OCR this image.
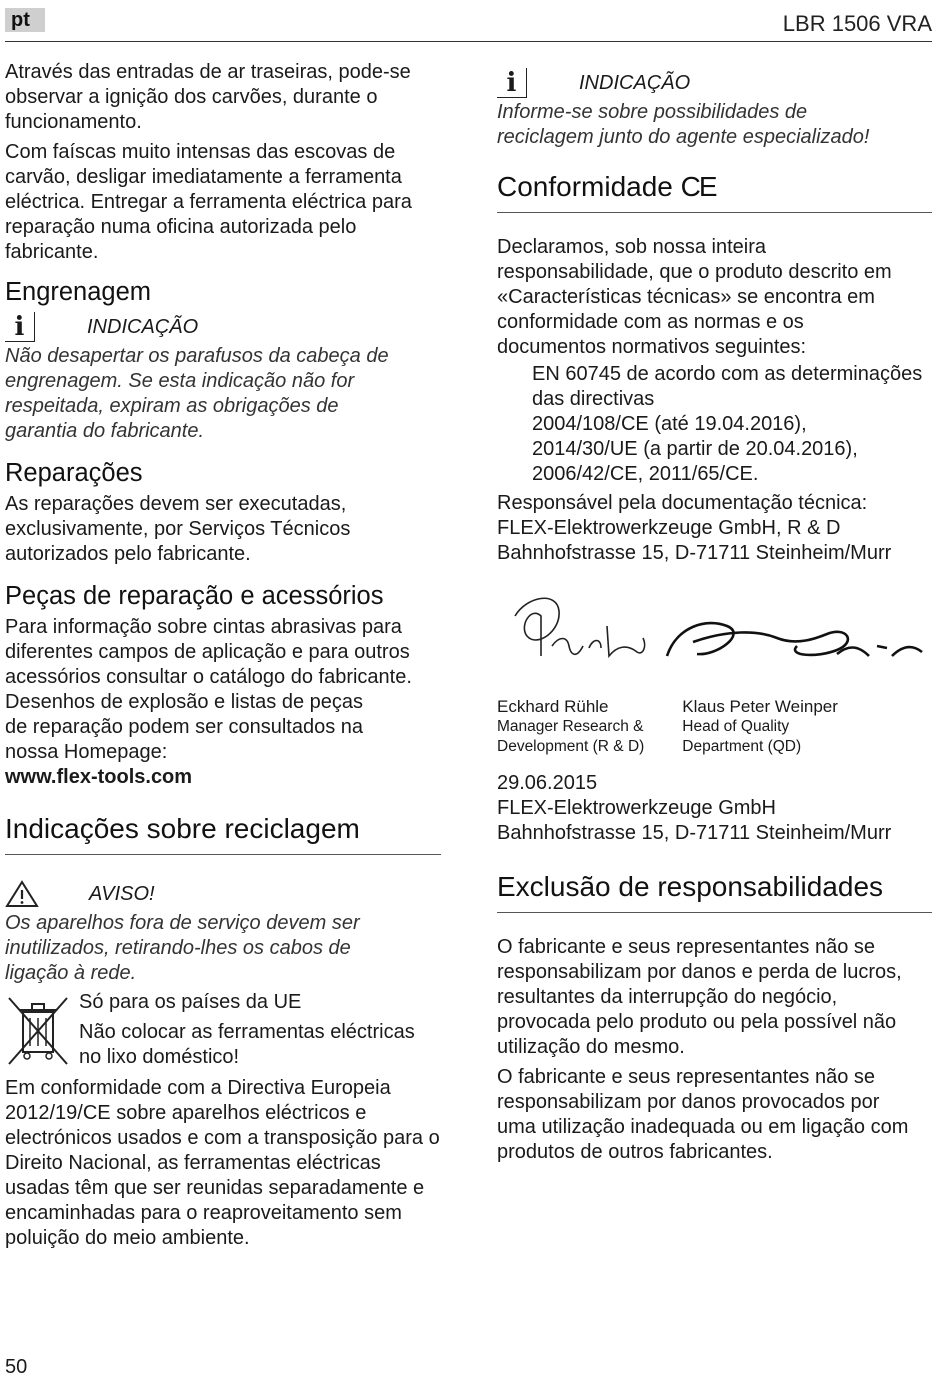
pt	LBR 1506 VRA

Através das entradas de ar traseiras, pode-se observar a ignição dos carvões, durante o funcionamento.

Com faíscas muito intensas das escovas de carvão, desligar imediatamente a ferramenta eléctrica. Entregar a ferramenta eléctrica para reparação numa oficina autorizada pelo fabricante.

Engrenagem
i	INDICAÇÃO

Não desapertar os parafusos da cabeça de engrenagem. Se esta indicação não for respeitada, expiram as obrigações de garantia do fabricante.

Reparações

As reparações devem ser executadas, exclusivamente, por Serviços Técnicos autorizados pelo fabricante.

Peças de reparação e acessórios

Para informação sobre cintas abrasivas para diferentes campos de aplicação e para outros acessórios consultar o catálogo do fabricante.

Desenhos de explosão e listas de peças de reparação podem ser consultados na nossa Homepage:

www.flex-tools.com

Indicações sobre reciclagem
AVISO!

Os aparelhos fora de serviço devem ser inutilizados, retirando-lhes os cabos de ligação à rede.

Só para os países da UE

Não colocar as ferramentas eléctricas no lixo doméstico!

Em conformidade com a Directiva Europeia 2012/19/CE sobre aparelhos eléctricos e electrónicos usados e com a transposição para o Direito Nacional, as ferramentas eléctricas usadas têm que ser reunidas separadamente e encaminhadas para o reaproveitamento sem poluição do meio ambiente.

i	INDICAÇÃO

Informe-se sobre possibilidades de reciclagem junto do agente especializado!

Conformidade CE

Declaramos, sob nossa inteira responsabilidade, que o produto descrito em «Características técnicas» se encontra em conformidade com as normas e os documentos normativos seguintes:

EN 60745 de acordo com as determinações das directivas

2004/108/CE (até 19.04.2016),

2014/30/UE (a partir de 20.04.2016),

2006/42/CE, 2011/65/CE.

Responsável pela documentação técnica:

FLEX-Elektrowerkzeuge GmbH, R & D

Bahnhofstrasse 15, D-71711 Steinheim/Murr

Eckhard Rühle

Manager Research &

Development (R & D)

Klaus Peter Weinper

Head of Quality

Department (QD)

29.06.2015

FLEX-Elektrowerkzeuge GmbH

Bahnhofstrasse 15, D-71711 Steinheim/Murr

Exclusão de responsabilidades

O fabricante e seus representantes não se responsabilizam por danos e perda de lucros, resultantes da interrupção do negócio, provocada pelo produto ou pela possível não utilização do mesmo.

O fabricante e seus representantes não se responsabilizam por danos provocados por uma utilização inadequada ou em ligação com produtos de outros fabricantes.

50
